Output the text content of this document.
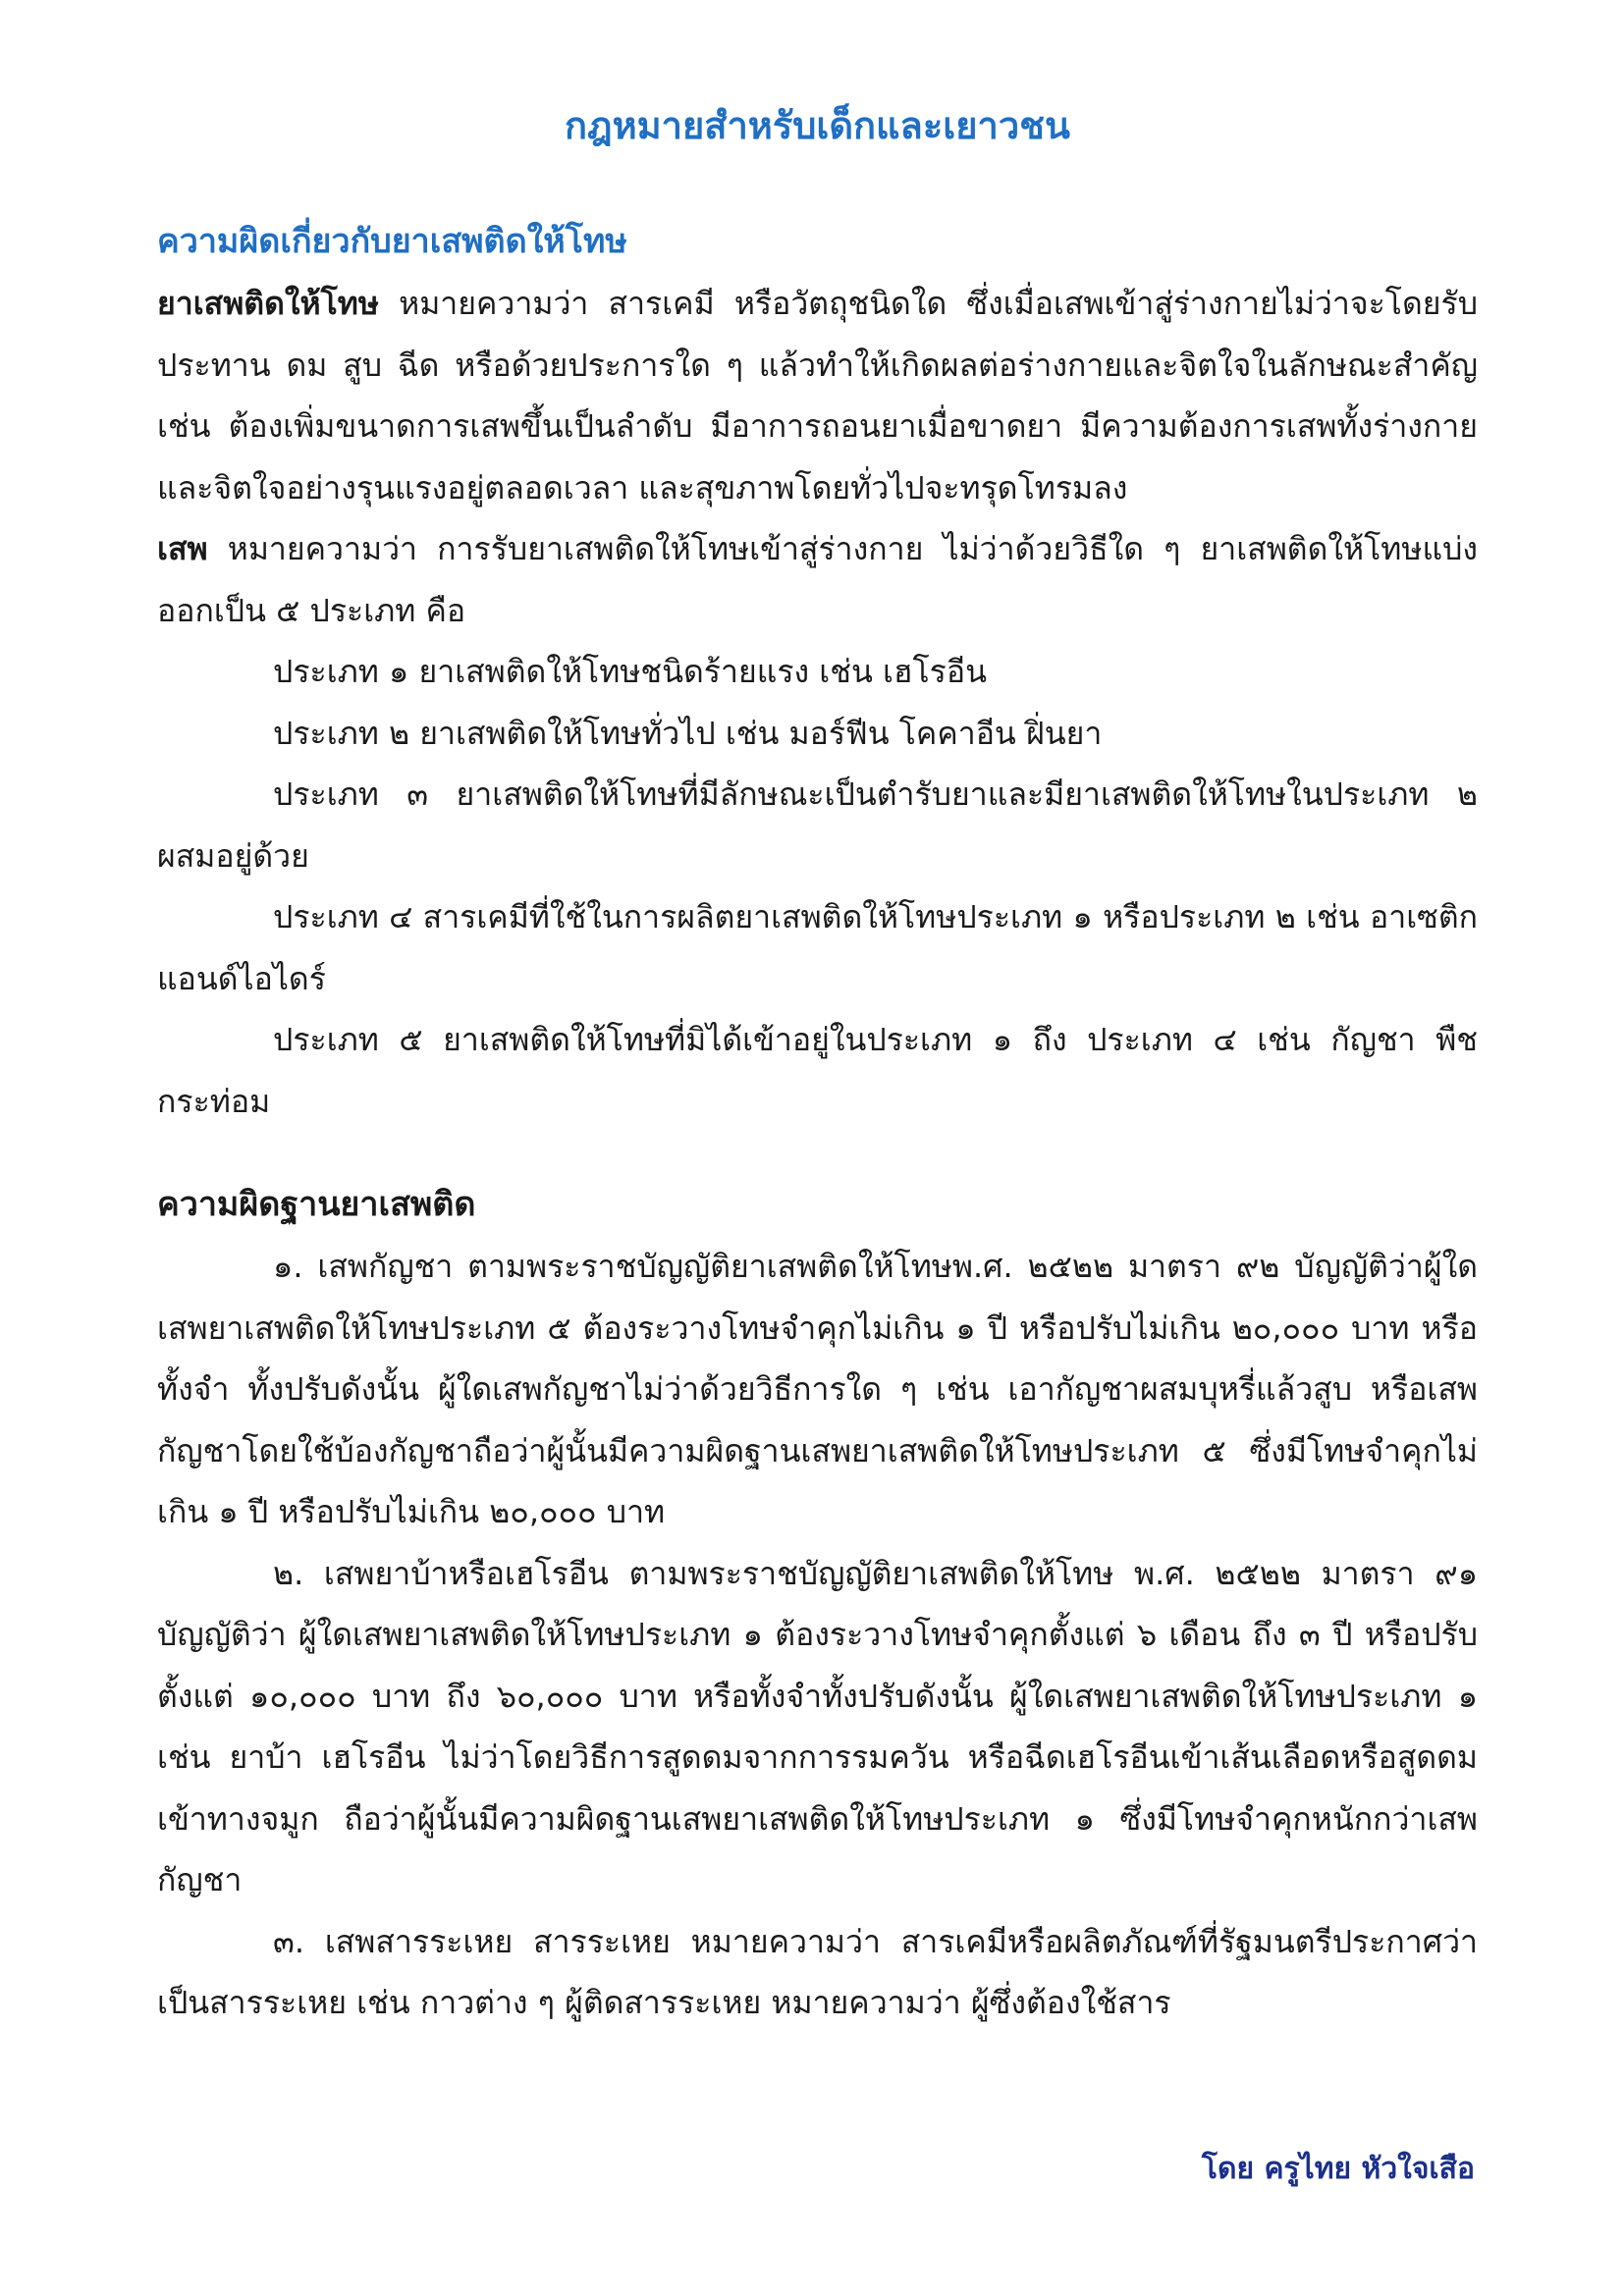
กฎหมายสำหรับเด็กและเยาวชน
ความผิดเกี่ยวกับยาเสพติดให้โทษ

ยาเสพติดให้โทษ หมายความว่า สารเคมี หรือวัตถุชนิดใด ซึ่งเมื่อเสพเข้าสู่ร่างกายไม่ว่าจะโดยรับประทาน ดม สูบ ฉีด หรือด้วยประการใด ๆ แล้วทำให้เกิดผลต่อร่างกายและจิตใจในลักษณะสำคัญ เช่น ต้องเพิ่มขนาดการเสพขึ้นเป็นลำดับ มีอาการถอนยาเมื่อขาดยา มีความต้องการเสพทั้งร่างกายและจิตใจอย่างรุนแรงอยู่ตลอดเวลา และสุขภาพโดยทั่วไปจะทรุดโทรมลง

เสพ หมายความว่า การรับยาเสพติดให้โทษเข้าสู่ร่างกาย ไม่ว่าด้วยวิธีใด ๆ ยาเสพติดให้โทษแบ่งออกเป็น ๕ ประเภท คือ

ประเภท ๑ ยาเสพติดให้โทษชนิดร้ายแรง เช่น เฮโรอีน

ประเภท ๒ ยาเสพติดให้โทษทั่วไป เช่น มอร์ฟีน โคคาอีน ฝิ่นยา

ประเภท ๓ ยาเสพติดให้โทษที่มีลักษณะเป็นตำรับยาและมียาเสพติดให้โทษในประเภท ๒ ผสมอยู่ด้วย

ประเภท ๔ สารเคมีที่ใช้ในการผลิตยาเสพติดให้โทษประเภท ๑ หรือประเภท ๒ เช่น อาเซติกแอนด์ไอไดร์

ประเภท ๕ ยาเสพติดให้โทษที่มิได้เข้าอยู่ในประเภท ๑ ถึง ประเภท ๔ เช่น กัญชา พืชกระท่อม

ความผิดฐานยาเสพติด

๑. เสพกัญชา ตามพระราชบัญญัติยาเสพติดให้โทษพ.ศ. ๒๕๒๒ มาตรา ๙๒ บัญญัติว่าผู้ใดเสพยาเสพติดให้โทษประเภท ๕ ต้องระวางโทษจำคุกไม่เกิน ๑ ปี หรือปรับไม่เกิน ๒๐,๐๐๐ บาท หรือทั้งจำ ทั้งปรับดังนั้น ผู้ใดเสพกัญชาไม่ว่าด้วยวิธีการใด ๆ เช่น เอากัญชาผสมบุหรี่แล้วสูบ หรือเสพกัญชาโดยใช้บ้องกัญชาถือว่าผู้นั้นมีความผิดฐานเสพยาเสพติดให้โทษประเภท ๕ ซึ่งมีโทษจำคุกไม่เกิน ๑ ปี หรือปรับไม่เกิน ๒๐,๐๐๐ บาท

๒. เสพยาบ้าหรือเฮโรอีน ตามพระราชบัญญัติยาเสพติดให้โทษ พ.ศ. ๒๕๒๒ มาตรา ๙๑ บัญญัติว่า ผู้ใดเสพยาเสพติดให้โทษประเภท ๑ ต้องระวางโทษจำคุกตั้งแต่ ๖ เดือน ถึง ๓ ปี หรือปรับตั้งแต่ ๑๐,๐๐๐ บาท ถึง ๖๐,๐๐๐ บาท หรือทั้งจำทั้งปรับดังนั้น ผู้ใดเสพยาเสพติดให้โทษประเภท ๑ เช่น ยาบ้า เฮโรอีน ไม่ว่าโดยวิธีการสูดดมจากการรมควัน หรือฉีดเฮโรอีนเข้าเส้นเลือดหรือสูดดมเข้าทางจมูก ถือว่าผู้นั้นมีความผิดฐานเสพยาเสพติดให้โทษประเภท ๑ ซึ่งมีโทษจำคุกหนักกว่าเสพกัญชา

๓. เสพสารระเหย สารระเหย หมายความว่า สารเคมีหรือผลิตภัณฑ์ที่รัฐมนตรีประกาศว่าเป็นสารระเหย เช่น กาวต่าง ๆ ผู้ติดสารระเหย หมายความว่า ผู้ซึ่งต้องใช้สาร

โดย ครูไทย หัวใจเสือ
